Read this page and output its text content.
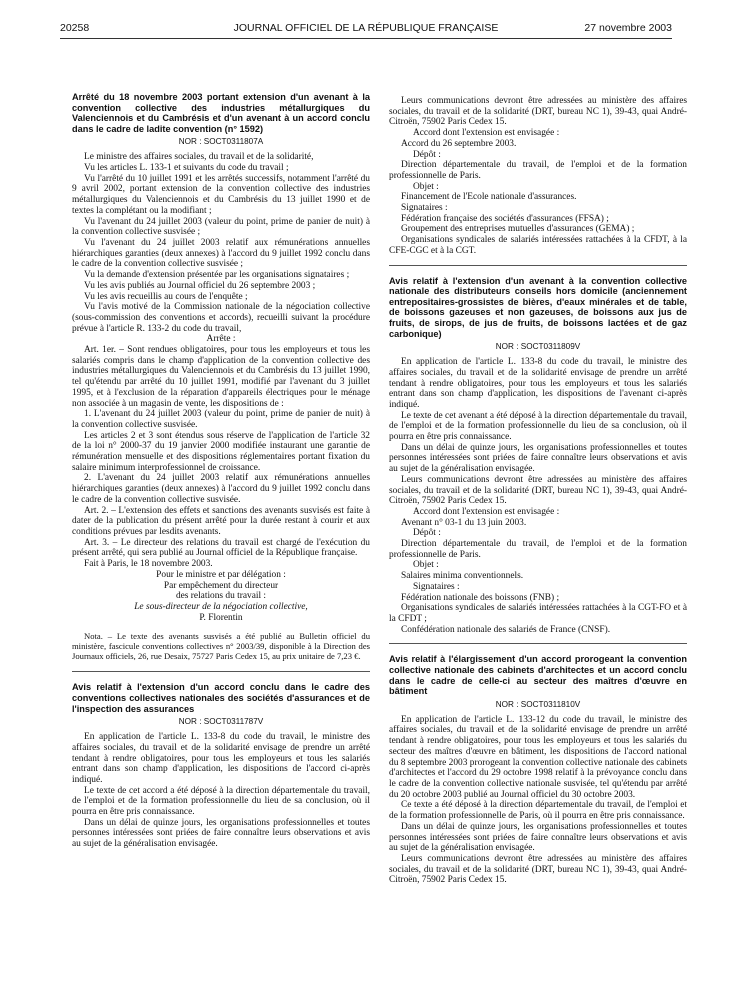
20258	JOURNAL OFFICIEL DE LA RÉPUBLIQUE FRANÇAISE	27 novembre 2003
Arrêté du 18 novembre 2003 portant extension d'un avenant à la convention collective des industries métallurgiques du Valenciennois et du Cambrésis et d'un avenant à un accord conclu dans le cadre de ladite convention (n° 1592)
NOR : SOCT0311807A

Le ministre des affaires sociales, du travail et de la solidarité,

Vu les articles L. 133-1 et suivants du code du travail ;

Vu l'arrêté du 10 juillet 1991 et les arrêtés successifs, notamment l'arrêté du 9 avril 2002, portant extension de la convention collective des industries métallurgiques du Valenciennois et du Cambrésis du 13 juillet 1990 et de textes la complétant ou la modifiant ;

Vu l'avenant du 24 juillet 2003 (valeur du point, prime de panier de nuit) à la convention collective susvisée ;

Vu l'avenant du 24 juillet 2003 relatif aux rémunérations annuelles hiérarchiques garanties (deux annexes) à l'accord du 9 juillet 1992 conclu dans le cadre de la convention collective susvisée ;

Vu la demande d'extension présentée par les organisations signataires ;

Vu les avis publiés au Journal officiel du 26 septembre 2003 ;

Vu les avis recueillis au cours de l'enquête ;

Vu l'avis motivé de la Commission nationale de la négociation collective (sous-commission des conventions et accords), recueilli suivant la procédure prévue à l'article R. 133-2 du code du travail,

Arrête :

Art. 1er. – Sont rendues obligatoires, pour tous les employeurs et tous les salariés compris dans le champ d'application de la convention collective des industries métallurgiques du Valenciennois et du Cambrésis du 13 juillet 1990, tel qu'étendu par arrêté du 10 juillet 1991, modifié par l'avenant du 3 juillet 1995, et à l'exclusion de la réparation d'appareils électriques pour le ménage non associée à un magasin de vente, les dispositions de :

1. L'avenant du 24 juillet 2003 (valeur du point, prime de panier de nuit) à la convention collective susvisée.

Les articles 2 et 3 sont étendus sous réserve de l'application de l'article 32 de la loi n° 2000-37 du 19 janvier 2000 modifiée instaurant une garantie de rémunération mensuelle et des dispositions réglementaires portant fixation du salaire minimum interprofessionnel de croissance.

2. L'avenant du 24 juillet 2003 relatif aux rémunérations annuelles hiérarchiques garanties (deux annexes) à l'accord du 9 juillet 1992 conclu dans le cadre de la convention collective susvisée.

Art. 2. – L'extension des effets et sanctions des avenants susvisés est faite à dater de la publication du présent arrêté pour la durée restant à courir et aux conditions prévues par lesdits avenants.

Art. 3. – Le directeur des relations du travail est chargé de l'exécution du présent arrêté, qui sera publié au Journal officiel de la République française.

Fait à Paris, le 18 novembre 2003.

Pour le ministre et par délégation :

Par empêchement du directeur

des relations du travail :

Le sous-directeur de la négociation collective,

P. Florentin

Nota. – Le texte des avenants susvisés a été publié au Bulletin officiel du ministère, fascicule conventions collectives n° 2003/39, disponible à la Direction des Journaux officiels, 26, rue Desaix, 75727 Paris Cedex 15, au prix unitaire de 7,23 €.

Avis relatif à l'extension d'un accord conclu dans le cadre des conventions collectives nationales des sociétés d'assurances et de l'inspection des assurances
NOR : SOCT0311787V

En application de l'article L. 133-8 du code du travail, le ministre des affaires sociales, du travail et de la solidarité envisage de prendre un arrêté tendant à rendre obligatoires, pour tous les employeurs et tous les salariés entrant dans son champ d'application, les dispositions de l'accord ci-après indiqué.

Le texte de cet accord a été déposé à la direction départementale du travail, de l'emploi et de la formation professionnelle du lieu de sa conclusion, où il pourra en être pris connaissance.

Dans un délai de quinze jours, les organisations professionnelles et toutes personnes intéressées sont priées de faire connaître leurs observations et avis au sujet de la généralisation envisagée.

Leurs communications devront être adressées au ministère des affaires sociales, du travail et de la solidarité (DRT, bureau NC 1), 39-43, quai André-Citroën, 75902 Paris Cedex 15.

Accord dont l'extension est envisagée :

Accord du 26 septembre 2003.

Dépôt :

Direction départementale du travail, de l'emploi et de la formation professionnelle de Paris.

Objet :

Financement de l'Ecole nationale d'assurances.

Signataires :

Fédération française des sociétés d'assurances (FFSA) ;

Groupement des entreprises mutuelles d'assurances (GEMA) ;

Organisations syndicales de salariés intéressées rattachées à la CFDT, à la CFE-CGC et à la CGT.

Avis relatif à l'extension d'un avenant à la convention collective nationale des distributeurs conseils hors domicile (anciennement entrepositaires-grossistes de bières, d'eaux minérales et de table, de boissons gazeuses et non gazeuses, de boissons aux jus de fruits, de sirops, de jus de fruits, de boissons lactées et de gaz carbonique)
NOR : SOCT0311809V

En application de l'article L. 133-8 du code du travail, le ministre des affaires sociales, du travail et de la solidarité envisage de prendre un arrêté tendant à rendre obligatoires, pour tous les employeurs et tous les salariés entrant dans son champ d'application, les dispositions de l'avenant ci-après indiqué.

Le texte de cet avenant a été déposé à la direction départementale du travail, de l'emploi et de la formation professionnelle du lieu de sa conclusion, où il pourra en être pris connaissance.

Dans un délai de quinze jours, les organisations professionnelles et toutes personnes intéressées sont priées de faire connaître leurs observations et avis au sujet de la généralisation envisagée.

Leurs communications devront être adressées au ministère des affaires sociales, du travail et de la solidarité (DRT, bureau NC 1), 39-43, quai André-Citroën, 75902 Paris Cedex 15.

Accord dont l'extension est envisagée :

Avenant n° 03-1 du 13 juin 2003.

Dépôt :

Direction départementale du travail, de l'emploi et de la formation professionnelle de Paris.

Objet :

Salaires minima conventionnels.

Signataires :

Fédération nationale des boissons (FNB) ;

Organisations syndicales de salariés intéressées rattachées à la CGT-FO et à la CFDT ;

Confédération nationale des salariés de France (CNSF).

Avis relatif à l'élargissement d'un accord prorogeant la convention collective nationale des cabinets d'architectes et un accord conclu dans le cadre de celle-ci au secteur des maîtres d'œuvre en bâtiment
NOR : SOCT0311810V

En application de l'article L. 133-12 du code du travail, le ministre des affaires sociales, du travail et de la solidarité envisage de prendre un arrêté tendant à rendre obligatoires, pour tous les employeurs et tous les salariés du secteur des maîtres d'œuvre en bâtiment, les dispositions de l'accord national du 8 septembre 2003 prorogeant la convention collective nationale des cabinets d'architectes et l'accord du 29 octobre 1998 relatif à la prévoyance conclu dans le cadre de la convention collective nationale susvisée, tel qu'étendu par arrêté du 20 octobre 2003 publié au Journal officiel du 30 octobre 2003.

Ce texte a été déposé à la direction départementale du travail, de l'emploi et de la formation professionnelle de Paris, où il pourra en être pris connaissance.

Dans un délai de quinze jours, les organisations professionnelles et toutes personnes intéressées sont priées de faire connaître leurs observations et avis au sujet de la généralisation envisagée.

Leurs communications devront être adressées au ministère des affaires sociales, du travail et de la solidarité (DRT, bureau NC 1), 39-43, quai André-Citroën, 75902 Paris Cedex 15.
